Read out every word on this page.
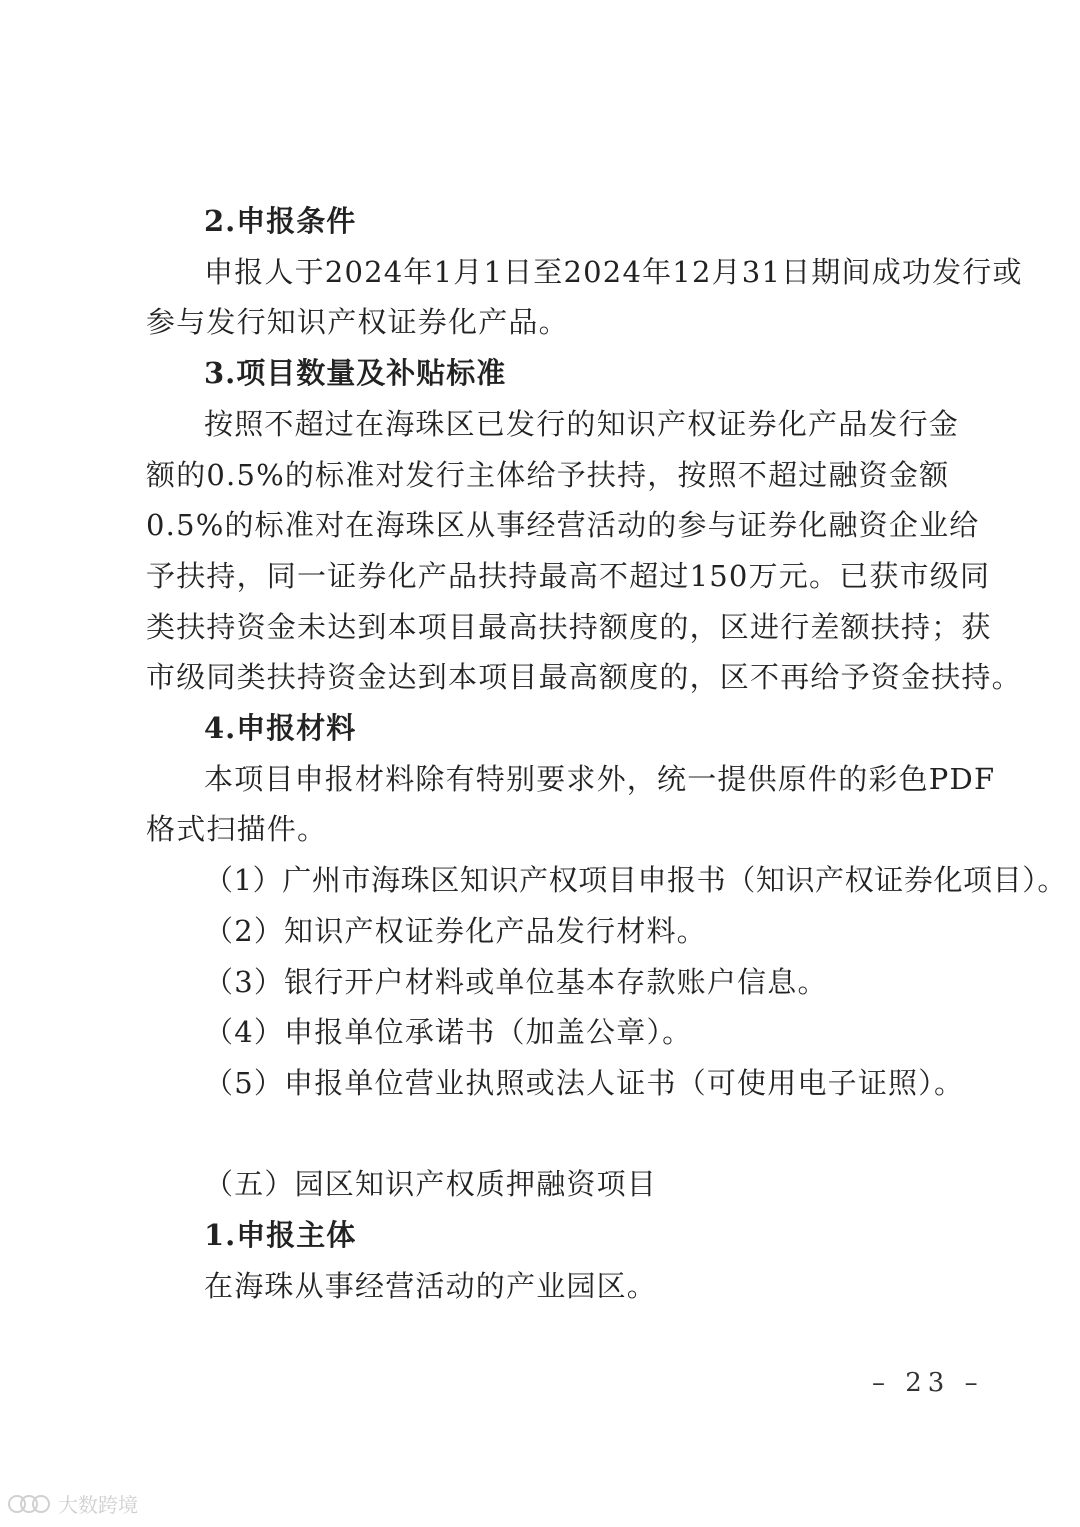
2.申报条件
申报人于2024年1月1日至2024年12月31日期间成功发行或
参与发行知识产权证券化产品。
3.项目数量及补贴标准
按照不超过在海珠区已发行的知识产权证券化产品发行金
额的0.5%的标准对发行主体给予扶持，按照不超过融资金额
0.5%的标准对在海珠区从事经营活动的参与证券化融资企业给
予扶持，同一证券化产品扶持最高不超过150万元。已获市级同
类扶持资金未达到本项目最高扶持额度的，区进行差额扶持；获
市级同类扶持资金达到本项目最高额度的，区不再给予资金扶持。
4.申报材料
本项目申报材料除有特别要求外，统一提供原件的彩色PDF
格式扫描件。
（1）广州市海珠区知识产权项目申报书（知识产权证券化项目）。
（2）知识产权证券化产品发行材料。
（3）银行开户材料或单位基本存款账户信息。
（4）申报单位承诺书（加盖公章）。
（5）申报单位营业执照或法人证书（可使用电子证照）。
（五）园区知识产权质押融资项目
1.申报主体
在海珠从事经营活动的产业园区。
– 23 –
大数跨境
